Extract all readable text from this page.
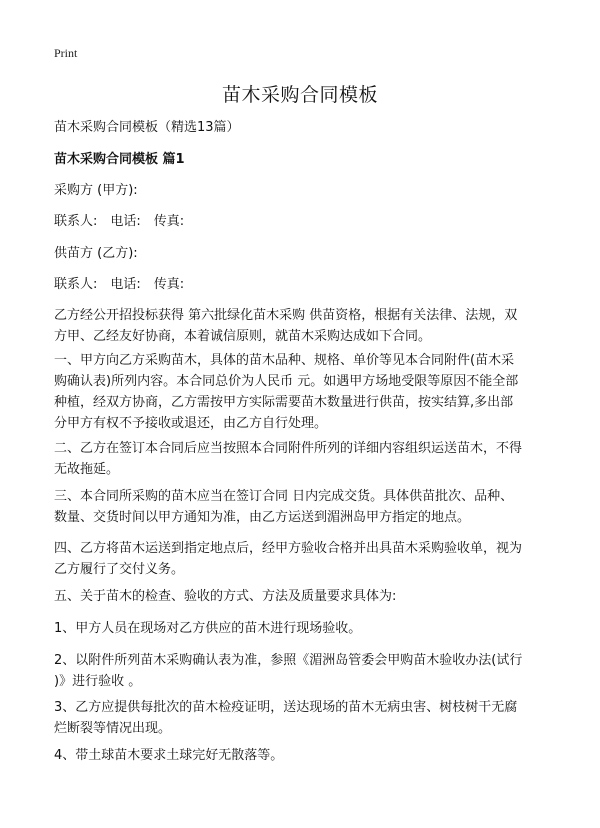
Print
苗木采购合同模板
苗木采购合同模板（精选13篇）
苗木采购合同模板 篇1
采购方 (甲方):
联系人:　电话:　传真:
供苗方 (乙方):
联系人:　电话:　传真:

乙方经公开招投标获得 第六批绿化苗木采购 供苗资格，根据有关法律、法规，双
方甲、乙经友好协商，本着诚信原则，就苗木采购达成如下合同。

一、甲方向乙方采购苗木，具体的苗木品种、规格、单价等见本合同附件(苗木采
购确认表)所列内容。本合同总价为人民币 元。如遇甲方场地受限等原因不能全部
种植，经双方协商，乙方需按甲方实际需要苗木数量进行供苗，按实结算,多出部
分甲方有权不予接收或退还，由乙方自行处理。

二、乙方在签订本合同后应当按照本合同附件所列的详细内容组织运送苗木，不得
无故拖延。

三、本合同所采购的苗木应当在签订合同 日内完成交货。具体供苗批次、品种、
数量、交货时间以甲方通知为准，由乙方运送到湄洲岛甲方指定的地点。

四、乙方将苗木运送到指定地点后，经甲方验收合格并出具苗木采购验收单，视为
乙方履行了交付义务。

五、关于苗木的检查、验收的方式、方法及质量要求具体为:

1、甲方人员在现场对乙方供应的苗木进行现场验收。

2、以附件所列苗木采购确认表为准，参照《湄洲岛管委会甲购苗木验收办法(试行
)》进行验收 。

3、乙方应提供每批次的苗木检疫证明，送达现场的苗木无病虫害、树枝树干无腐
烂断裂等情况出现。

4、带土球苗木要求土球完好无散落等。
